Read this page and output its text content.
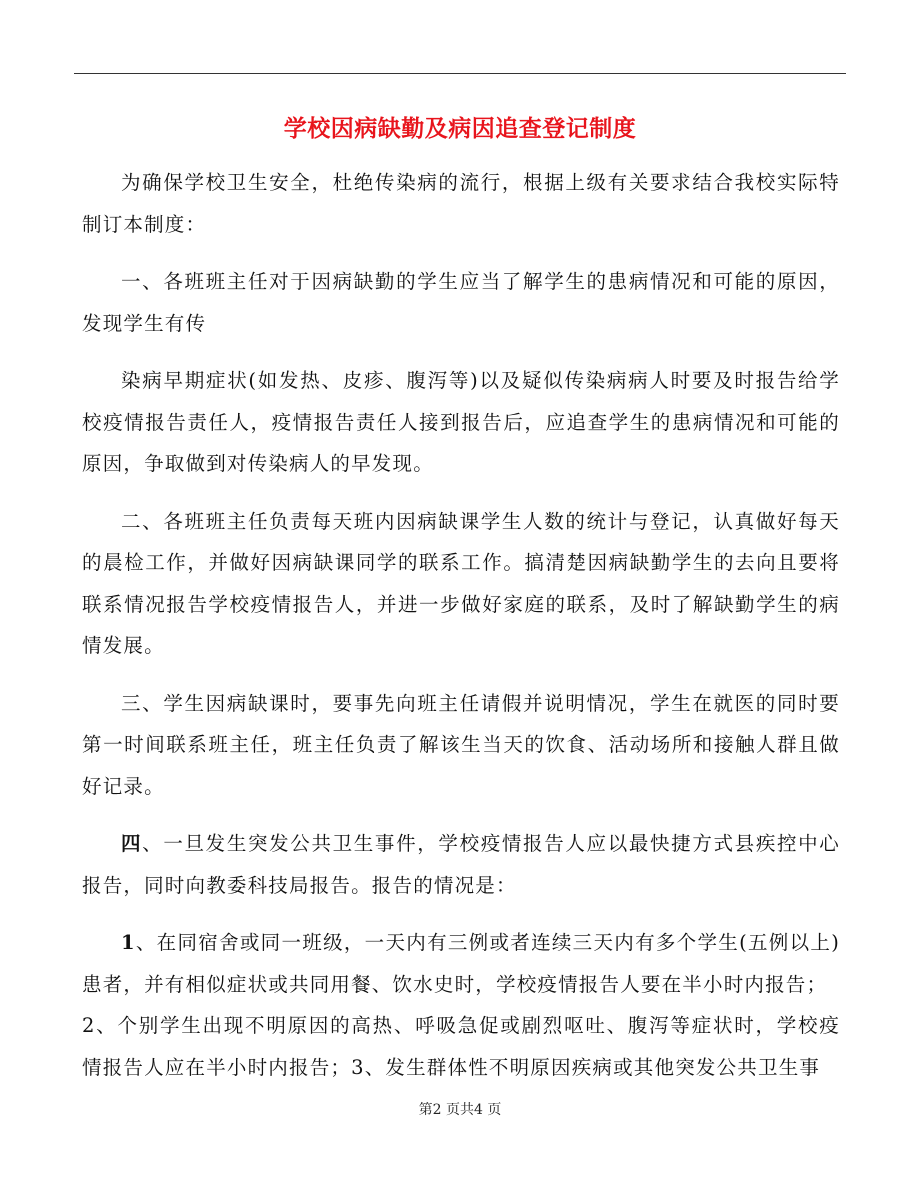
学校因病缺勤及病因追查登记制度

为确保学校卫生安全，杜绝传染病的流行，根据上级有关要求结合我校实际特制订本制度：

一、各班班主任对于因病缺勤的学生应当了解学生的患病情况和可能的原因，发现学生有传

染病早期症状(如发热、皮疹、腹泻等)以及疑似传染病病人时要及时报告给学校疫情报告责任人，疫情报告责任人接到报告后，应追查学生的患病情况和可能的原因，争取做到对传染病人的早发现。

二、各班班主任负责每天班内因病缺课学生人数的统计与登记，认真做好每天的晨检工作，并做好因病缺课同学的联系工作。搞清楚因病缺勤学生的去向且要将联系情况报告学校疫情报告人，并进一步做好家庭的联系，及时了解缺勤学生的病情发展。

三、学生因病缺课时，要事先向班主任请假并说明情况，学生在就医的同时要第一时间联系班主任，班主任负责了解该生当天的饮食、活动场所和接触人群且做好记录。

四、一旦发生突发公共卫生事件，学校疫情报告人应以最快捷方式县疾控中心报告，同时向教委科技局报告。报告的情况是：

1、在同宿舍或同一班级，一天内有三例或者连续三天内有多个学生(五例以上)患者，并有相似症状或共同用餐、饮水史时，学校疫情报告人要在半小时内报告；

2、个别学生出现不明原因的高热、呼吸急促或剧烈呕吐、腹泻等症状时，学校疫情报告人应在半小时内报告；3、发生群体性不明原因疾病或其他突发公共卫生事

第2 页共4 页
